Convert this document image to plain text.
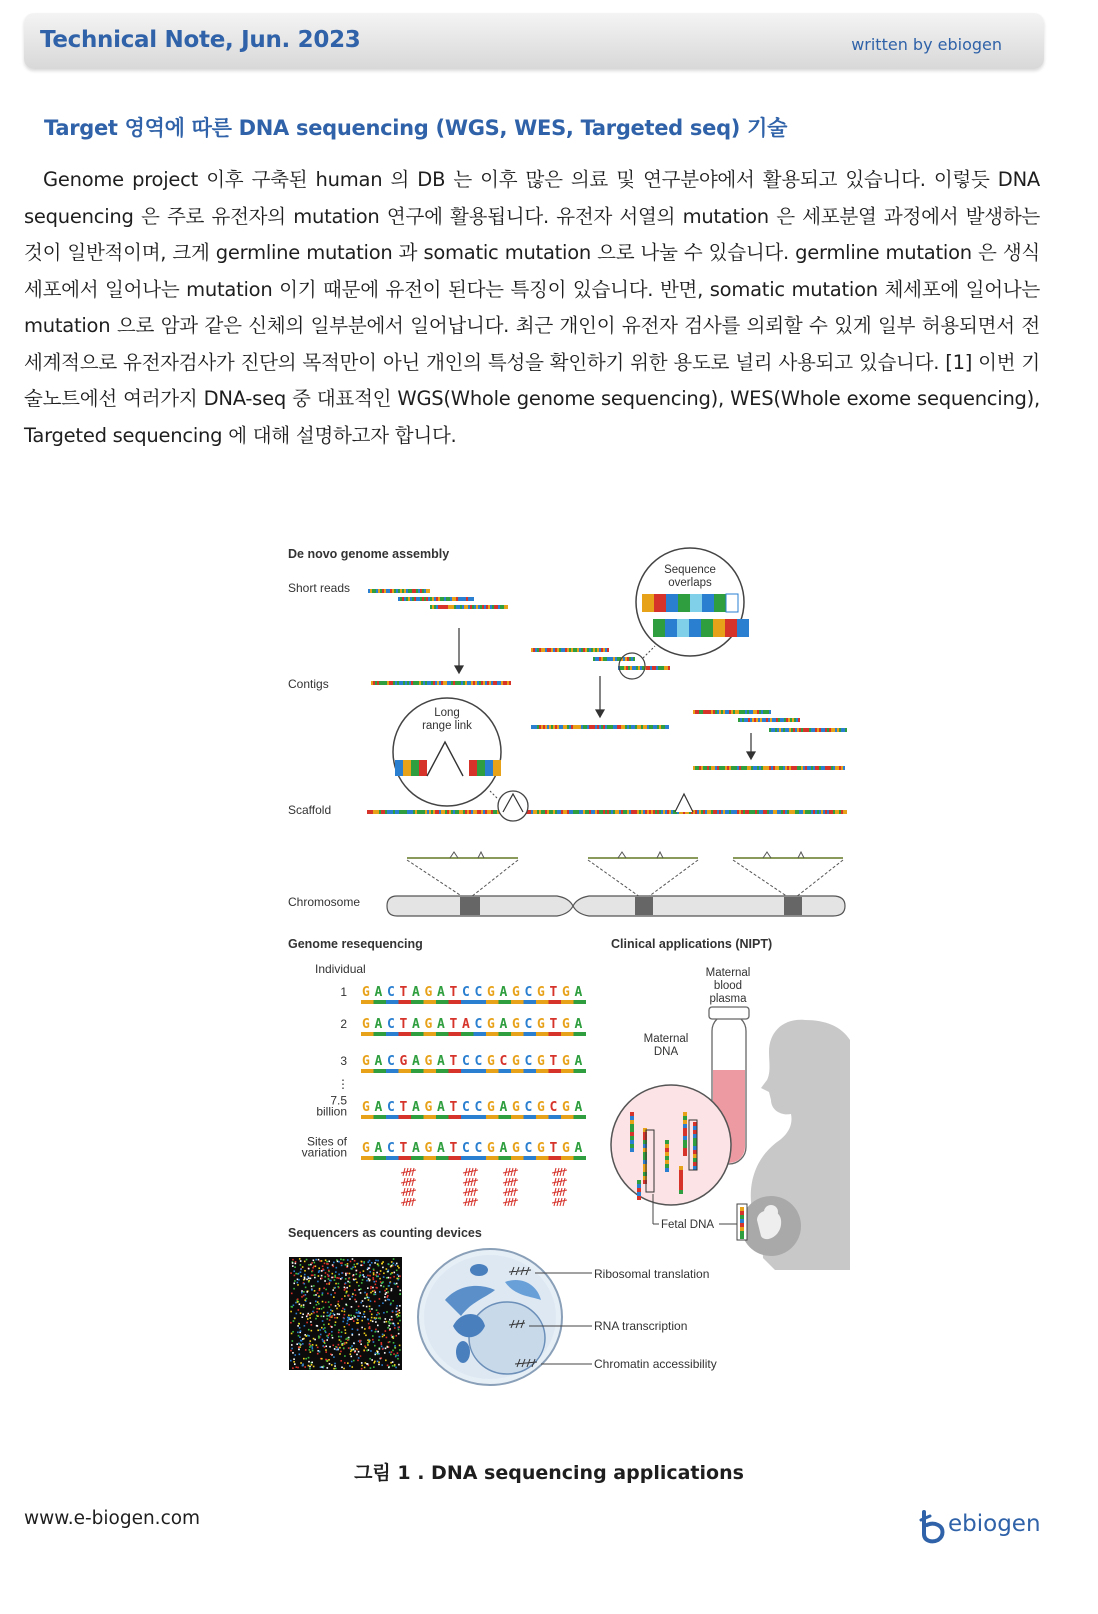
Technical Note, Jun. 2023	written by ebiogen
Target 영역에 따른 DNA sequencing (WGS, WES, Targeted seq) 기술
Genome project 이후 구축된 human 의 DB 는 이후 많은 의료 및 연구분야에서 활용되고 있습니다. 이렇듯 DNA sequencing 은 주로 유전자의 mutation 연구에 활용됩니다. 유전자 서열의 mutation 은 세포분열 과정에서 발생하는 것이 일반적이며, 크게 germline mutation 과 somatic mutation 으로 나눌 수 있습니다. germline mutation 은 생식세포에서 일어나는 mutation 이기 때문에 유전이 된다는 특징이 있습니다. 반면, somatic mutation 체세포에 일어나는 mutation 으로 암과 같은 신체의 일부분에서 일어납니다. 최근 개인이 유전자 검사를 의뢰할 수 있게 일부 허용되면서 전세계적으로 유전자검사가 진단의 목적만이 아닌 개인의 특성을 확인하기 위한 용도로 널리 사용되고 있습니다. [1] 이번 기술노트에선 여러가지 DNA-seq 중 대표적인 WGS(Whole genome sequencing), WES(Whole exome sequencing), Targeted sequencing 에 대해 설명하고자 합니다.
De novo genome assembly
Short reads
Contigs
Scaffold
Chromosome
Sequence
overlaps
Long
range link
Genome resequencing
Individual
1 G A C T A G A T C C G A G C G T G A
2 G A C T A G A T A C G A G C G T G A
3 G A C G A G A T C C G C G C G T G A
7.5
billion G A C T A G A T C C G A G C G C G A
Sites of
variation G A C T A G A T C C G A G C G T G A
⋮
Clinical applications (NIPT)
Maternal
blood
plasma
Maternal
DNA
Fetal DNA
Sequencers as counting devices
Ribosomal translation
RNA transcription
Chromatin accessibility
그림 1 . DNA sequencing applications
www.e-biogen.com	ebiogen
